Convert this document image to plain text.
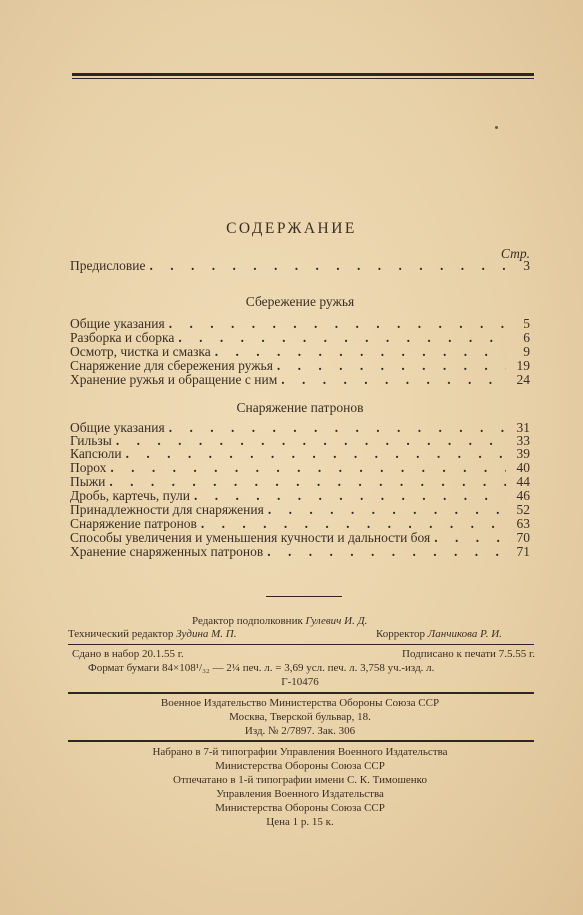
СОДЕРЖАНИЕ
Стр.
Предисловие . . .	3
Сбережение ружья
Общие указания . . .	5
Разборка и сборка . . .	6
Осмотр, чистка и смазка . . .	9
Снаряжение для сбережения ружья . . .	19
Хранение ружья и обращение с ним . . .	24
Снаряжение патронов
Общие указания . . .	31
Гильзы . . .	33
Капсюли . . .	39
Порох . . .	40
Пыжи . . .	44
Дробь, картечь, пули . . .	46
Принадлежности для снаряжения . . .	52
Снаряжение патронов . . .	63
Способы увеличения и уменьшения кучности и дальности боя . . .	70
Хранение снаряженных патронов . . .	71
Редактор подполковник Гулевич И. Д.
Технический редактор Зудина М. П.	Корректор Ланчикова Р. И.
Сдано в набор 20.1.55 г.	Подписано к печати 7.5.55 г.
Формат бумаги 84×108¹/₃₂ — 2¼ печ. л. = 3,69 усл. печ. л. 3,758 уч.-изд. л.
Г-10476
Военное Издательство Министерства Обороны Союза ССР
Москва, Тверской бульвар, 18.
Изд. № 2/7897. Зак. 306
Набрано в 7-й типографии Управления Военного Издательства
Министерства Обороны Союза ССР
Отпечатано в 1-й типографии имени С. К. Тимошенко
Управления Военного Издательства
Министерства Обороны Союза ССР
Цена 1 р. 15 к.
